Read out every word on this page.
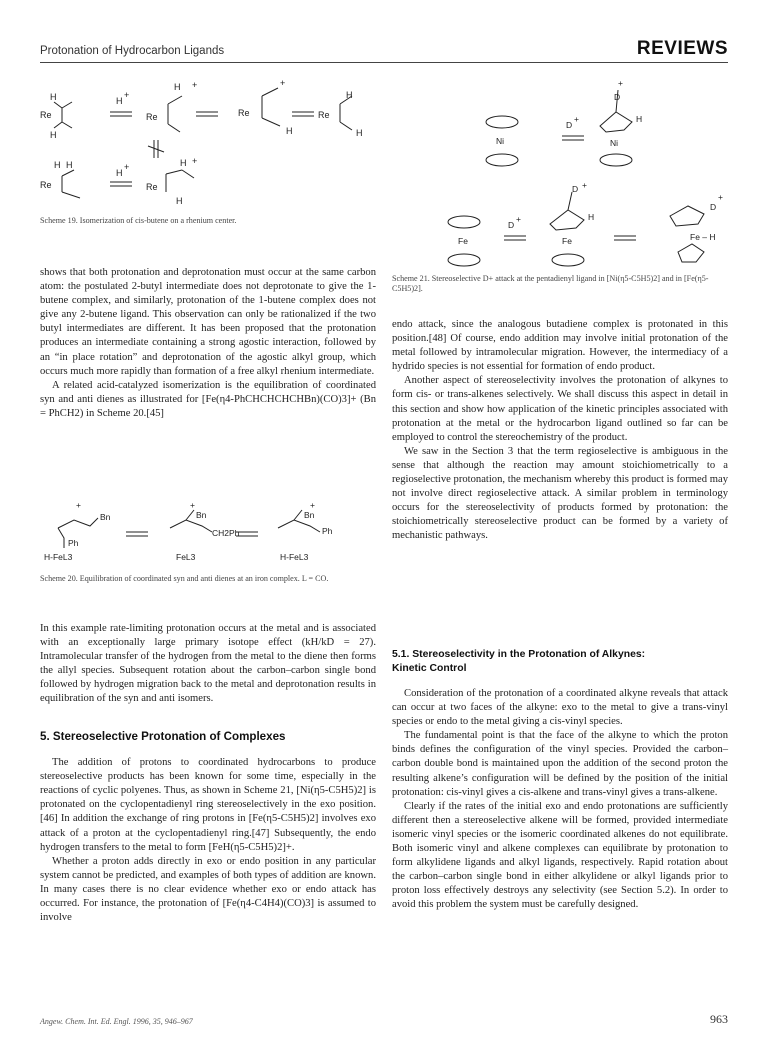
Protonation of Hydrocarbon Ligands	REVIEWS
Re
H
H
H
+
Re
H +
Re
+
H
Re
H
H
Re
H H
H
+
Re
H +
H

Scheme 19. Isomerization of cis-butene on a rhenium center.

shows that both protonation and deprotonation must occur at the same carbon atom: the postulated 2-butyl intermediate does not deprotonate to give the 1-butene complex, and similarly, protonation of the 1-butene complex does not give any 2-butene ligand. This observation can only be rationalized if the two butyl intermediates are different. It has been proposed that the protonation produces an intermediate containing a strong agostic interaction, followed by an “in place rotation” and deprotonation of the agostic alkyl group, which occurs much more rapidly than formation of a free alkyl rhenium intermediate.

A related acid-catalyzed isomerization is the equilibration of coordinated syn and anti dienes as illustrated for [Fe(η4-PhCHCHCHCHBn)(CO)3]+ (Bn = PhCH2) in Scheme 20.[45]

+
Bn
Ph
H-FeL3
+
Bn
CH2Ph
FeL3
+
Bn
Ph
H-FeL3

Scheme 20. Equilibration of coordinated syn and anti dienes at an iron complex. L = CO.

In this example rate-limiting protonation occurs at the metal and is associated with an exceptionally large primary isotope effect (kH/kD = 27). Intramolecular transfer of the hydrogen from the metal to the diene then forms the allyl species. Subsequent rotation about the carbon–carbon single bond followed by hydrogen migration back to the metal and deprotonation results in equilibration of the syn and anti isomers.

5. Stereoselective Protonation of Complexes

The addition of protons to coordinated hydrocarbons to produce stereoselective products has been known for some time, especially in the reactions of cyclic polyenes. Thus, as shown in Scheme 21, [Ni(η5-C5H5)2] is protonated on the cyclopentadienyl ring stereoselectively in the exo position.[46] In addition the exchange of ring protons in [Fe(η5-C5H5)2] involves exo attack of a proton at the cyclopentadienyl ring.[47] Subsequently, the endo hydrogen transfers to the metal to form [FeH(η5-C5H5)2]+.

Whether a proton adds directly in exo or endo position in any particular system cannot be predicted, and examples of both types of addition are known. In many cases there is no clear evidence whether exo or endo attack has occurred. For instance, the protonation of [Fe(η4-C4H4)(CO)3] is assumed to involve

Ni
D
+
+
D
H
Ni
Fe
D
+
D +
H
Fe
D
+
Fe – H

Scheme 21. Stereoselective D+ attack at the pentadienyl ligand in [Ni(η5-C5H5)2] and in [Fe(η5-C5H5)2].

endo attack, since the analogous butadiene complex is protonated in this position.[48] Of course, endo addition may involve initial protonation of the metal followed by intramolecular migration. However, the intermediacy of a hydrido species is not essential for formation of endo product.

Another aspect of stereoselectivity involves the protonation of alkynes to form cis- or trans-alkenes selectively. We shall discuss this aspect in detail in this section and show how application of the kinetic principles associated with protonation at the metal or the hydrocarbon ligand outlined so far can be employed to control the stereochemistry of the product.

We saw in the Section 3 that the term regioselective is ambiguous in the sense that although the reaction may amount stoichiometrically to a regioselective protonation, the mechanism whereby this product is formed may not involve direct regioselective attack. A similar problem in terminology occurs for the stereoselectivity of products formed by protonation: the stoichiometrically stereoselective product can be formed by a variety of mechanistic pathways.

5.1. Stereoselectivity in the Protonation of Alkynes:
Kinetic Control

Consideration of the protonation of a coordinated alkyne reveals that attack can occur at two faces of the alkyne: exo to the metal to give a trans-vinyl species or endo to the metal giving a cis-vinyl species.

The fundamental point is that the face of the alkyne to which the proton binds defines the configuration of the vinyl species. Provided the carbon–carbon double bond is maintained upon the addition of the second proton the resulting alkene’s configuration will be defined by the position of the initial protonation: cis-vinyl gives a cis-alkene and trans-vinyl gives a trans-alkene.

Clearly if the rates of the initial exo and endo protonations are sufficiently different then a stereoselective alkene will be formed, provided intermediate isomeric vinyl species or the isomeric coordinated alkenes do not equilibrate. Both isomeric vinyl and alkene complexes can equilibrate by protonation to form alkylidene ligands and alkyl ligands, respectively. Rapid rotation about the carbon–carbon single bond in either alkylidene or alkyl ligands prior to proton loss effectively destroys any selectivity (see Section 5.2). In order to avoid this problem the system must be carefully designed.

Angew. Chem. Int. Ed. Engl. 1996, 35, 946–967	963
